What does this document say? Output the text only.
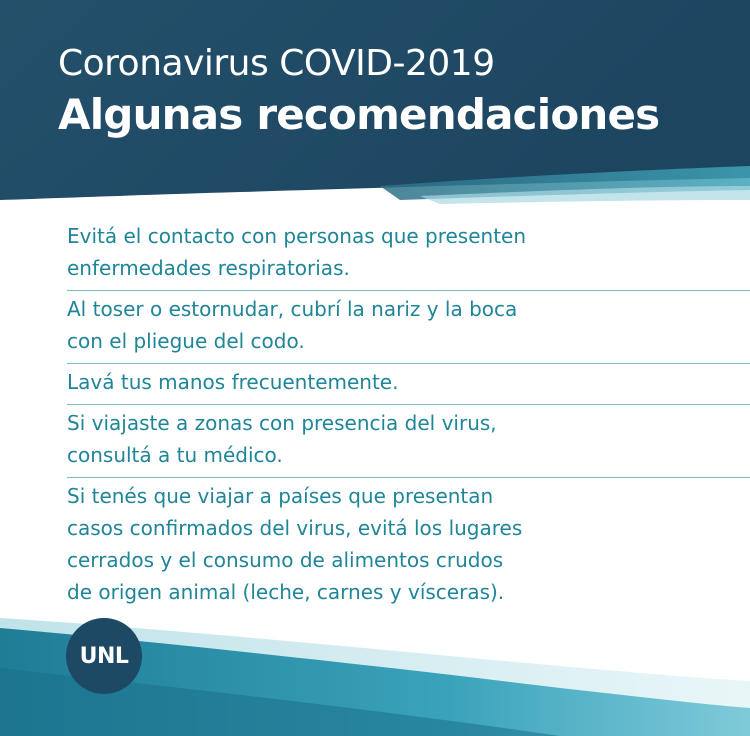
Coronavirus COVID-2019
Algunas recomendaciones
Evitá el contacto con personas que presenten
enfermedades respiratorias.
Al toser o estornudar, cubrí la nariz y la boca
con el pliegue del codo.
Lavá tus manos frecuentemente.
Si viajaste a zonas con presencia del virus,
consultá a tu médico.
Si tenés que viajar a países que presentan
casos confirmados del virus, evitá los lugares
cerrados y el consumo de alimentos crudos
de origen animal (leche, carnes y vísceras).
UNL
